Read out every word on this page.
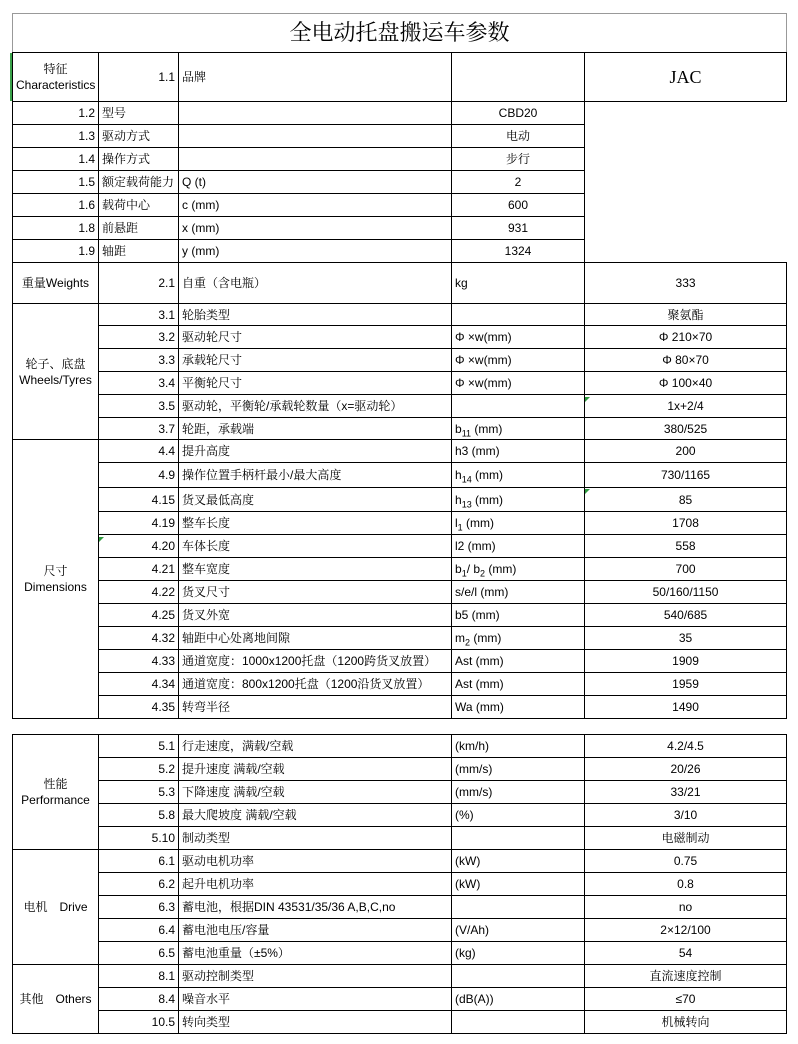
全电动托盘搬运车参数				
特征 Characteristics	1.1	品牌		JAC
1.2	型号		CBD20	
1.3	驱动方式		电动	
1.4	操作方式		步行	
1.5	额定载荷能力	Q (t)	2	
1.6	载荷中心	c (mm)	600	
1.8	前悬距	x (mm)	931	
1.9	轴距	y (mm)	1324	
重量Weights	2.1	自重（含电瓶）	kg	333
轮子、底盘 Wheels/Tyres	3.1	轮胎类型		聚氨酯
	3.2	驱动轮尺寸	Φ ×w(mm)	Φ 210×70
	3.3	承载轮尺寸	Φ ×w(mm)	Φ 80×70
	3.4	平衡轮尺寸	Φ ×w(mm)	Φ 100×40
	3.5	驱动轮，平衡轮/承载轮数量（x=驱动轮）		1x+2/4
	3.7	轮距，承载端	$b_{11}$ (mm)	380/525
尺寸 Dimensions	4.4	提升高度	h3 (mm)	200
	4.9	操作位置手柄杆最小/最大高度	$h_{14}$ (mm)	730/1165
	4.15	货叉最低高度	$h_{13}$ (mm)	85
	4.19	整车长度	$l_1$ (mm)	1708
	4.20	车体长度	l2 (mm)	558
	4.21	整车宽度	$b_1/$ $b_2$ (mm)	700
	4.22	货叉尺寸	s/e/l (mm)	50/160/1150
	4.25	货叉外宽	b5 (mm)	540/685
	4.32	轴距中心处离地间隙	$m_2$ (mm)	35
	4.33	通道宽度：1000x1200托盘（1200跨货叉放置）	Ast (mm)	1909
	4.34	通道宽度：800x1200托盘（1200沿货叉放置）	Ast (mm)	1959
	4.35	转弯半径	Wa (mm)	1490
性能 Performance	5.1	行走速度，满载/空载	(km/h)	4.2/4.5
	5.2	提升速度 满载/空载	(mm/s)	20/26
	5.3	下降速度 满载/空载	(mm/s)	33/21
	5.8	最大爬坡度 满载/空载	(%)	3/10
	5.10	制动类型		电磁制动
电机　Drive	6.1	驱动电机功率	(kW)	0.75
	6.2	起升电机功率	(kW)	0.8
	6.3	蓄电池，根据DIN 43531/35/36 A,B,C,no		no
	6.4	蓄电池电压/容量	(V/Ah)	2×12/100
	6.5	蓄电池重量（±5%）	(kg)	54
其他　Others	8.1	驱动控制类型		直流速度控制
	8.4	噪音水平	(dB(A))	≤70
	10.5	转向类型		机械转向
